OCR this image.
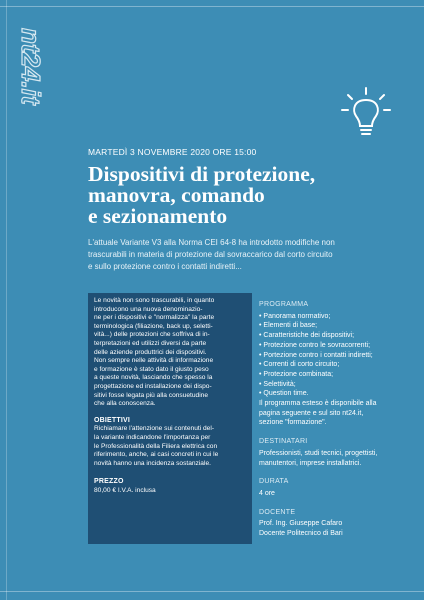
nt24.it
MARTEDÌ 3 NOVEMBRE 2020 ORE 15:00
Dispositivi di protezione,
manovra, comando
e sezionamento
L'attuale Variante V3 alla Norma CEI 64-8 ha introdotto modifiche non
trascurabili in materia di protezione dal sovraccarico dal corto circuito
e sullo protezione contro i contatti indiretti...

Le novità non sono trascurabili, in quanto
introducono una nuova denominazio-
ne per i dispositivi e "normalizza" la parte
terminologica (filiazione, back up, seletti-
vità...) delle protezioni che soffriva di in-
terpretazioni ed utilizzi diversi da parte
delle aziende produttrici dei dispositivi.
Non sempre nelle attività di informazione
e formazione è stato dato il giusto peso
a queste novità, lasciando che spesso la
progettazione ed installazione dei dispo-
sitivi fosse legata più alla consuetudine
che alla conoscenza.

OBIETTIVI

Richiamare l'attenzione sui contenuti del-
la variante indicandone l'importanza per
le Professionalità della Filiera elettrica con
riferimento, anche, ai casi concreti in cui le
novità hanno una incidenza sostanziale.

PREZZO

80,00 € I.V.A. inclusa

PROGRAMMA

• Panorama normativo;
• Elementi di base;
• Caratteristiche dei dispositivi;
• Protezione contro le sovracorrenti;
• Portezione contro i contatti indiretti;
• Correnti di corto circuito;
• Protezione combinata;
• Selettività;
• Question time.

Il programma esteso è disponibile alla
pagina seguente e sul sito nt24.it,
sezione "formazione".

DESTINATARI

Professionisti, studi tecnici, progettisti,
manutentori, imprese installatrici.

DURATA

4 ore

DOCENTE

Prof. Ing. Giuseppe Cafaro

Docente Politecnico di Bari
